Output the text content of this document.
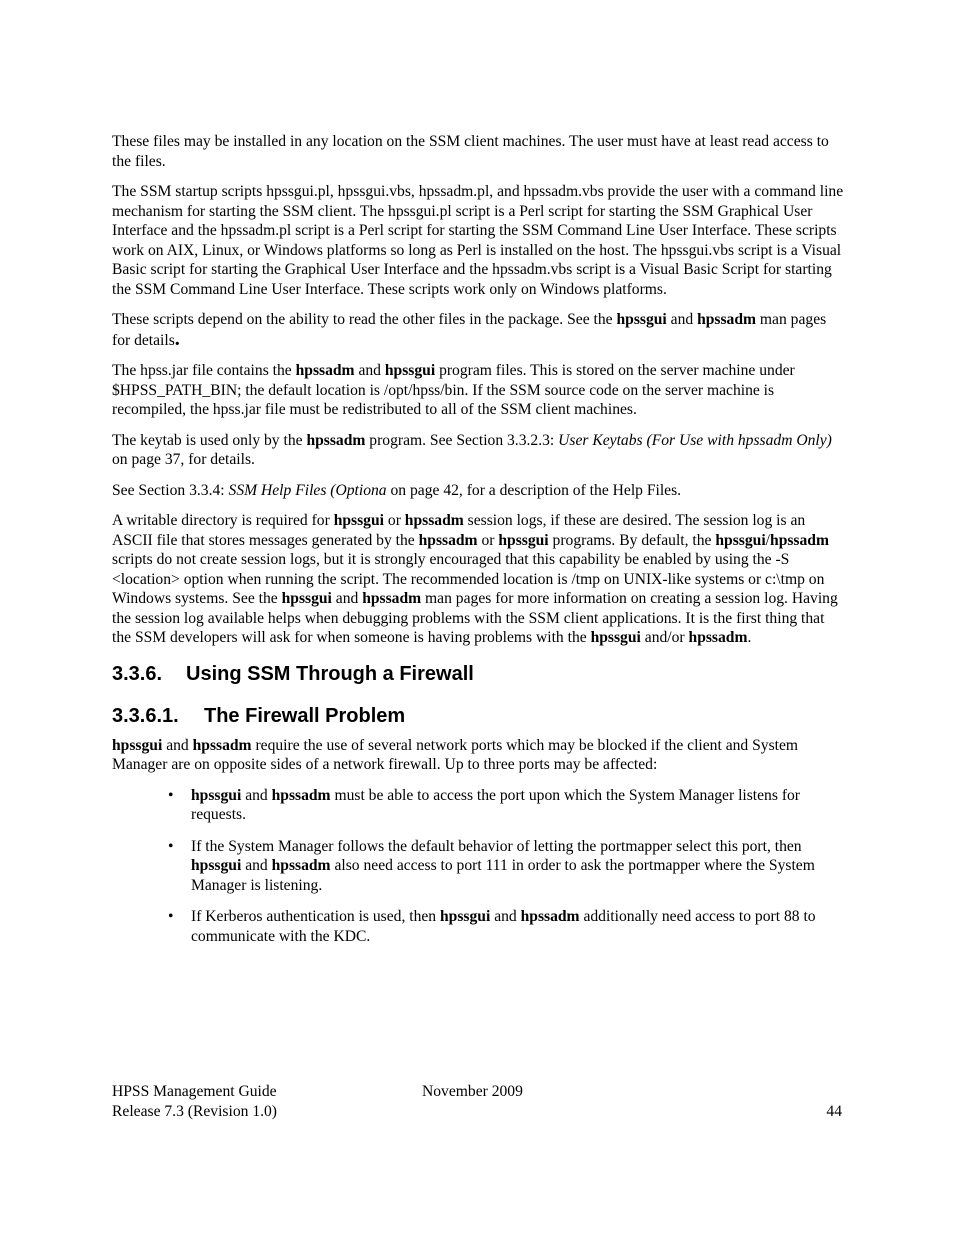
These files may be installed in any location on the SSM client machines. The user must have at least read access to the files.

The SSM startup scripts hpssgui.pl, hpssgui.vbs, hpssadm.pl, and hpssadm.vbs provide the user with a command line mechanism for starting the SSM client. The hpssgui.pl script is a Perl script for starting the SSM Graphical User Interface and the hpssadm.pl script is a Perl script for starting the SSM Command Line User Interface. These scripts work on AIX, Linux, or Windows platforms so long as Perl is installed on the host. The hpssgui.vbs script is a Visual Basic script for starting the Graphical User Interface and the hpssadm.vbs script is a Visual Basic Script for starting the SSM Command Line User Interface. These scripts work only on Windows platforms.

These scripts depend on the ability to read the other files in the package. See the hpssgui and hpssadm man pages for details.

The hpss.jar file contains the hpssadm and hpssgui program files. This is stored on the server machine under $HPSS_PATH_BIN; the default location is /opt/hpss/bin. If the SSM source code on the server machine is recompiled, the hpss.jar file must be redistributed to all of the SSM client machines.

The keytab is used only by the hpssadm program. See Section 3.3.2.3: User Keytabs (For Use with hpssadm Only) on page 37, for details.

See Section 3.3.4: SSM Help Files (Optiona on page 42, for a description of the Help Files.

A writable directory is required for hpssgui or hpssadm session logs, if these are desired. The session log is an ASCII file that stores messages generated by the hpssadm or hpssgui programs. By default, the hpssgui/hpssadm scripts do not create session logs, but it is strongly encouraged that this capability be enabled by using the -S <location> option when running the script. The recommended location is /tmp on UNIX-like systems or c:\tmp on Windows systems. See the hpssgui and hpssadm man pages for more information on creating a session log. Having the session log available helps when debugging problems with the SSM client applications. It is the first thing that the SSM developers will ask for when someone is having problems with the hpssgui and/or hpssadm.

3.3.6. Using SSM Through a Firewall
3.3.6.1. The Firewall Problem

hpssgui and hpssadm require the use of several network ports which may be blocked if the client and System Manager are on opposite sides of a network firewall. Up to three ports may be affected:

• hpssgui and hpssadm must be able to access the port upon which the System Manager listens for requests.
• If the System Manager follows the default behavior of letting the portmapper select this port, then hpssgui and hpssadm also need access to port 111 in order to ask the portmapper where the System Manager is listening.
• If Kerberos authentication is used, then hpssgui and hpssadm additionally need access to port 88 to communicate with the KDC.
HPSS Management Guide	November 2009
Release 7.3 (Revision 1.0)	44
